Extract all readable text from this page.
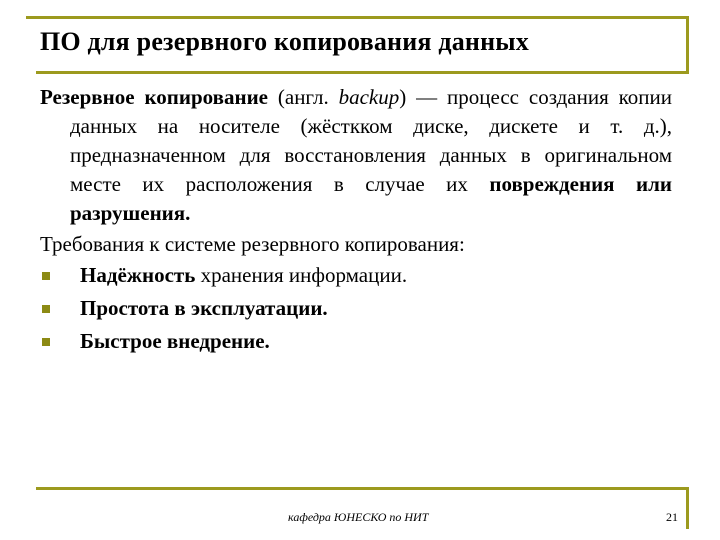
ПО для резервного копирования данных
Резервное копирование (англ. backup) — процесс создания копии данных на носителе (жёсткком диске, дискете и т. д.), предназначенном для восстановления данных в оригинальном месте их расположения в случае их повреждения или разрушения.
Требования к системе резервного копирования:
Надёжность хранения информации.
Простота в эксплуатации.
Быстрое внедрение.
кафедра ЮНЕСКО по НИТ	21
